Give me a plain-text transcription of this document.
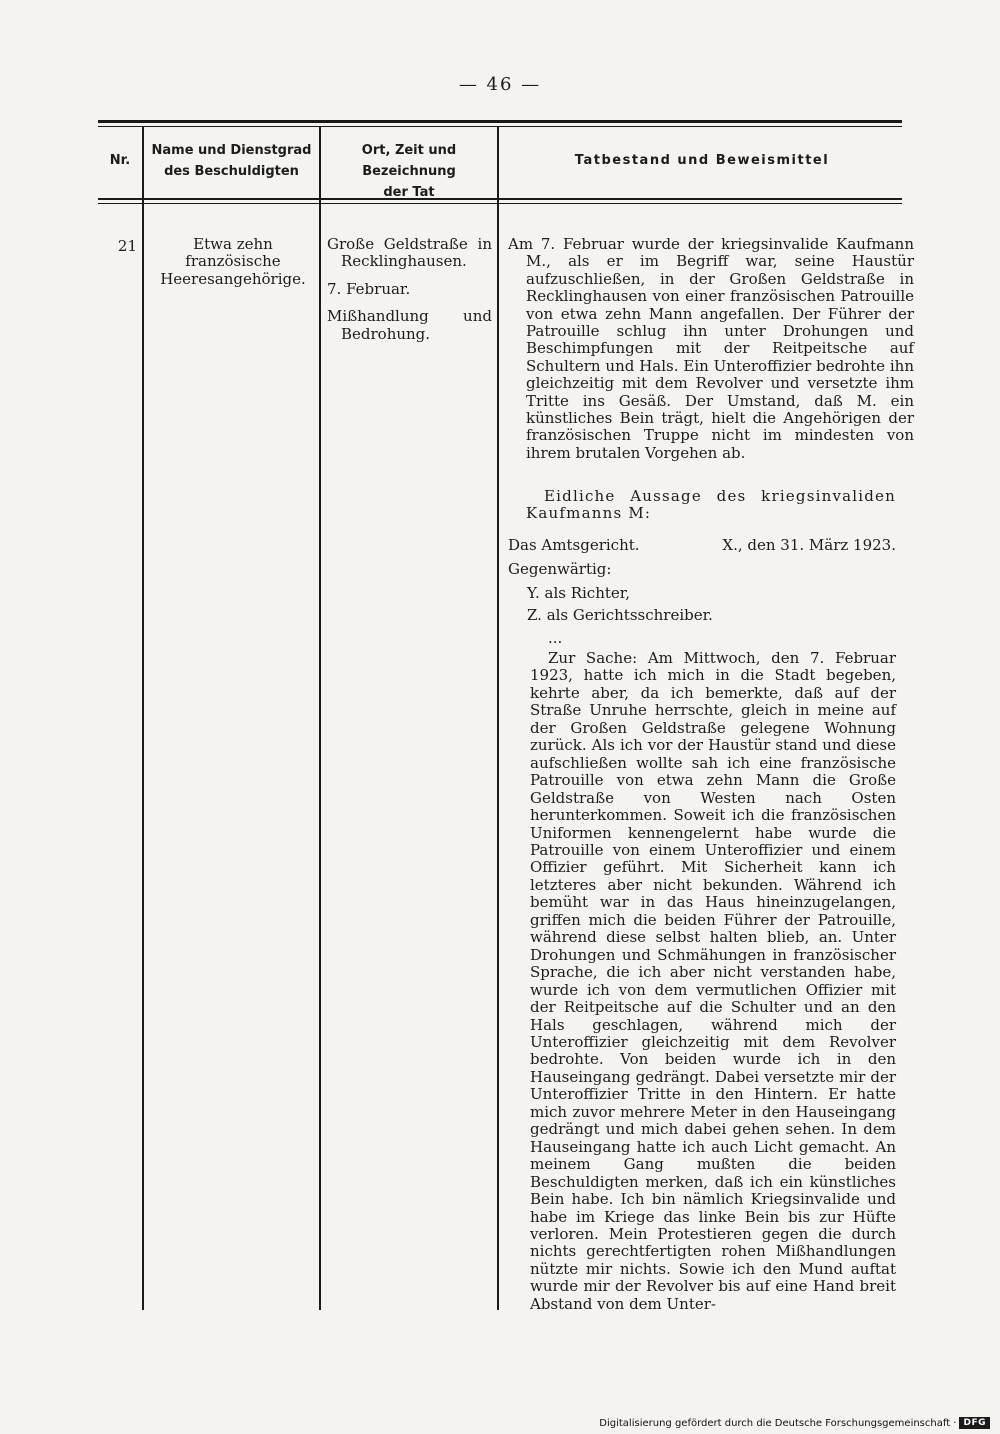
— 46 —
Nr.
Name und Dienstgrad
des Beschuldigten
Ort, Zeit und Bezeichnung
der Tat
Tatbestand und Beweismittel
21	Etwa zehn französische Heeresangehörige.

Große Geldstraße in Recklinghausen.

7. Februar.

Mißhandlung und Bedrohung.

Am 7. Februar wurde der kriegsinvalide Kaufmann M., als er im Begriff war, seine Haustür aufzuschließen, in der Großen Geldstraße in Recklinghausen von einer französischen Patrouille von etwa zehn Mann angefallen. Der Führer der Patrouille schlug ihn unter Drohungen und Beschimpfungen mit der Reitpeitsche auf Schultern und Hals. Ein Unteroffizier bedrohte ihn gleichzeitig mit dem Revolver und versetzte ihm Tritte ins Gesäß. Der Umstand, daß M. ein künstliches Bein trägt, hielt die Angehörigen der französischen Truppe nicht im mindesten von ihrem brutalen Vorgehen ab.
Eidliche Aussage des kriegsinvaliden Kaufmanns M:
Das Amtsgericht.	X., den 31. März 1923.
Gegenwärtig:
Y. als Richter,
Z. als Gerichtsschreiber.
...
Zur Sache: Am Mittwoch, den 7. Februar 1923, hatte ich mich in die Stadt begeben, kehrte aber, da ich bemerkte, daß auf der Straße Unruhe herrschte, gleich in meine auf der Großen Geldstraße gelegene Wohnung zurück. Als ich vor der Haustür stand und diese aufschließen wollte sah ich eine französische Patrouille von etwa zehn Mann die Große Geldstraße von Westen nach Osten herunterkommen. Soweit ich die französischen Uniformen kennengelernt habe wurde die Patrouille von einem Unteroffizier und einem Offizier geführt. Mit Sicherheit kann ich letzteres aber nicht bekunden. Während ich bemüht war in das Haus hineinzugelangen, griffen mich die beiden Führer der Patrouille, während diese selbst halten blieb, an. Unter Drohungen und Schmähungen in französischer Sprache, die ich aber nicht verstanden habe, wurde ich von dem vermutlichen Offizier mit der Reitpeitsche auf die Schulter und an den Hals geschlagen, während mich der Unteroffizier gleichzeitig mit dem Revolver bedrohte. Von beiden wurde ich in den Hauseingang gedrängt. Dabei versetzte mir der Unteroffizier Tritte in den Hintern. Er hatte mich zuvor mehrere Meter in den Hauseingang gedrängt und mich dabei gehen sehen. In dem Hauseingang hatte ich auch Licht gemacht. An meinem Gang mußten die beiden Beschuldigten merken, daß ich ein künstliches Bein habe. Ich bin nämlich Kriegsinvalide und habe im Kriege das linke Bein bis zur Hüfte verloren. Mein Protestieren gegen die durch nichts gerechtfertigten rohen Mißhandlungen nützte mir nichts. Sowie ich den Mund auftat wurde mir der Revolver bis auf eine Hand breit Abstand von dem Unter-
Digitalisierung gefördert durch die Deutsche Forschungsgemeinschaft · DFG
